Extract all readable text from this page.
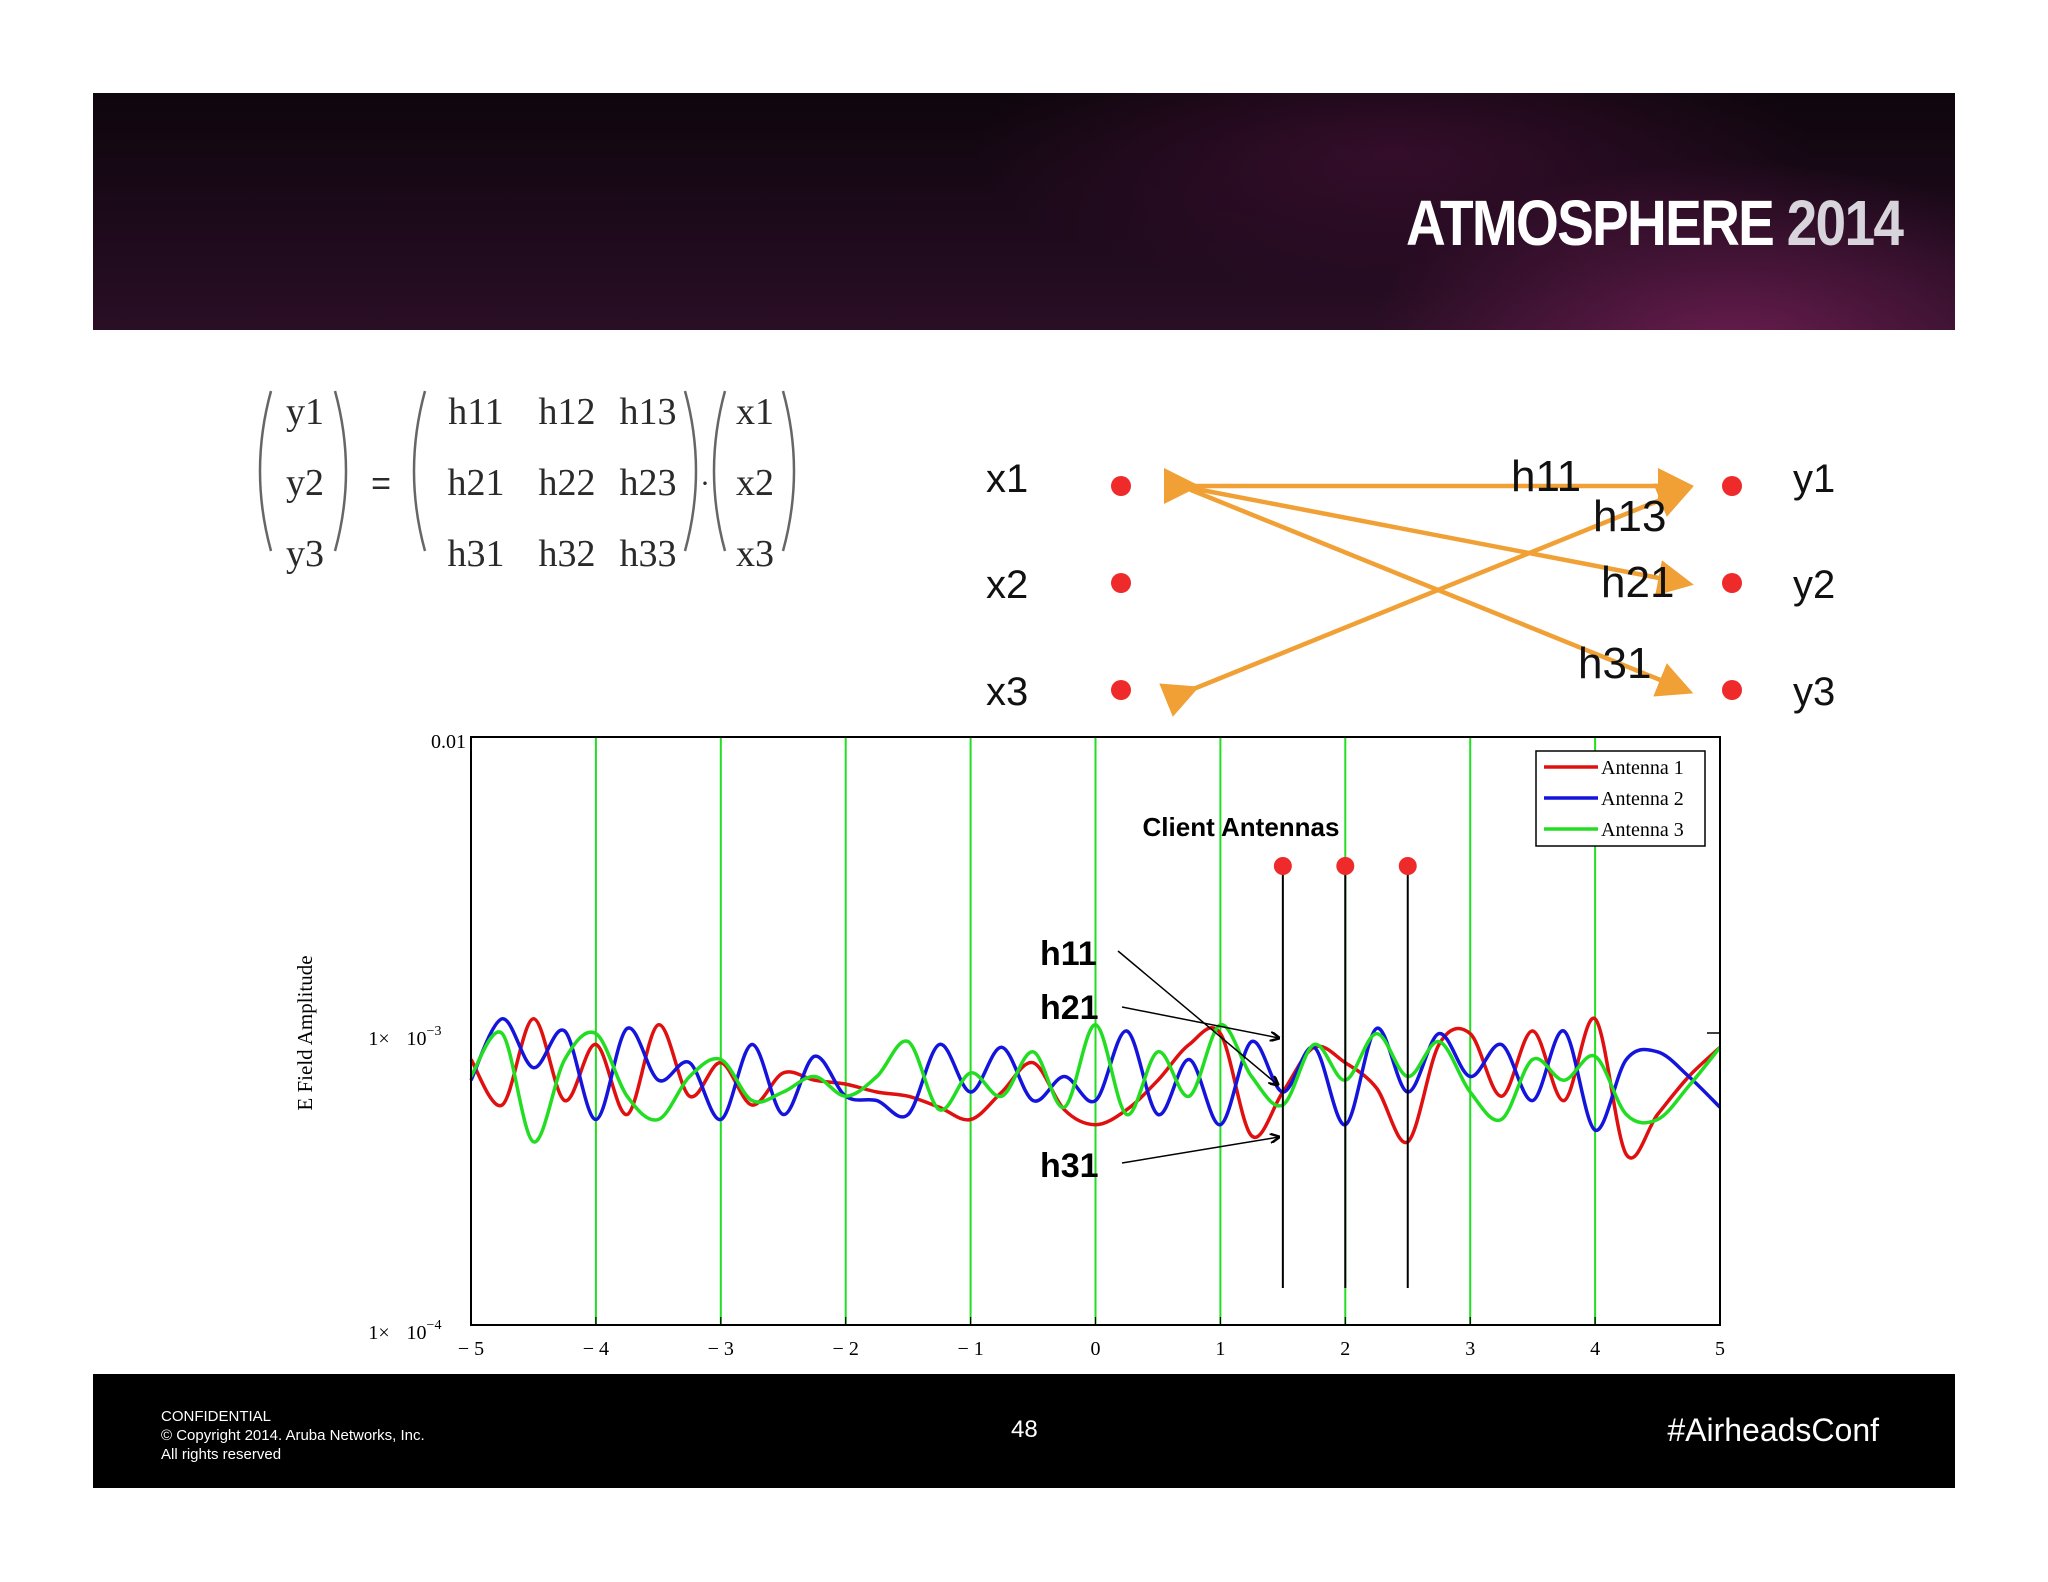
ATMOSPHERE 2014
y1
y2
y3
=
h11 h12 h13
h21 h22 h23
h31 h32 h33
·
x1
x2
x3
x1
x2
x3
y1
y2
y3
h11
h13
h21
h31
− 5	− 4	− 3	− 2	− 1	0	1	2	3	4	5
E Field Amplitude
0.01
$1\times 10^{-3}$
$1\times 10^{-4}$
Antenna 1
Antenna 2
Antenna 3
Client Antennas
h11
h21
h31
CONFIDENTIAL
© Copyright 2014. Aruba Networks, Inc.
All rights reserved
48	#AirheadsConf
